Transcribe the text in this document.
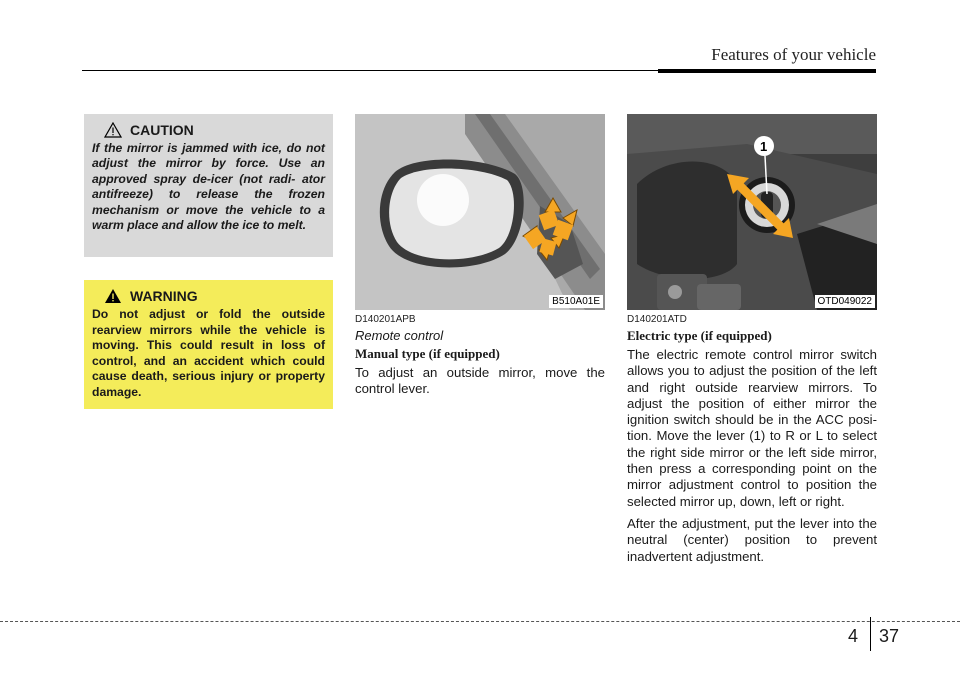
Features of your vehicle
CAUTION

If the mirror is jammed with ice, do not adjust the mirror by force. Use an approved spray de-icer (not radi- ator antifreeze) to release the frozen mechanism or move the vehicle to a warm place and allow the ice to melt.

WARNING

Do not adjust or fold the outside rearview mirrors while the vehicle is moving. This could result in loss of control, and an accident which could cause death, serious injury or property damage.

B510A01E
1
OTD049022
D140201APB
Remote control
Manual type (if equipped)

To adjust an outside mirror, move the control lever.

D140201ATD
Electric type (if equipped)

The electric remote control mirror switch allows you to adjust the position of the left and right outside rearview mirrors. To adjust the position of either mirror the ignition switch should be in the ACC posi- tion. Move the lever (1) to R or L to select the right side mirror or the left side mirror, then press a corresponding point on the mirror adjustment control to position the selected mirror up, down, left or right.

After the adjustment, put the lever into the neutral (center) position to prevent inadvertent adjustment.

4 37
